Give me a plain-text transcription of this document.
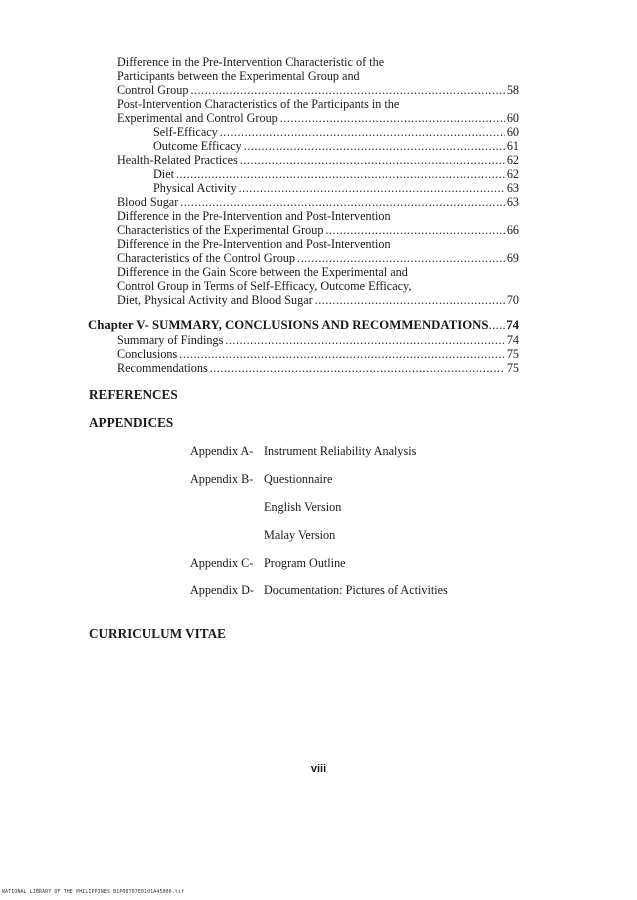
Difference in the Pre-Intervention Characteristic of the
Participants between the Experimental Group and
Control Group .....	58
Post-Intervention Characteristics of the Participants in the
Experimental and Control Group .....	60
Self-Efficacy .....	60
Outcome Efficacy .....	61
Health-Related Practices .....	62
Diet .....	62
Physical Activity .....	63
Blood Sugar .....	63
Difference in the Pre-Intervention and Post-Intervention
Characteristics of the Experimental Group .....	66
Difference in the Pre-Intervention and Post-Intervention
Characteristics of the Control Group .....	69
Difference in the Gain Score between the Experimental and
Control Group in Terms of Self-Efficacy, Outcome Efficacy,
Diet, Physical Activity and Blood Sugar .....	70
Chapter V- SUMMARY, CONCLUSIONS AND RECOMMENDATIONS ..... 74
Summary of Findings .....	74
Conclusions .....	75
Recommendations .....	75
REFERENCES
APPENDICES
Appendix A- Instrument Reliability Analysis
Appendix B- Questionnaire
English Version
Malay Version
Appendix C- Program Outline
Appendix D- Documentation: Pictures of Activities
CURRICULUM VITAE
viii
NATIONAL LIBRARY OF THE PHILIPPINES B1P00T07E0101A45006.tif
